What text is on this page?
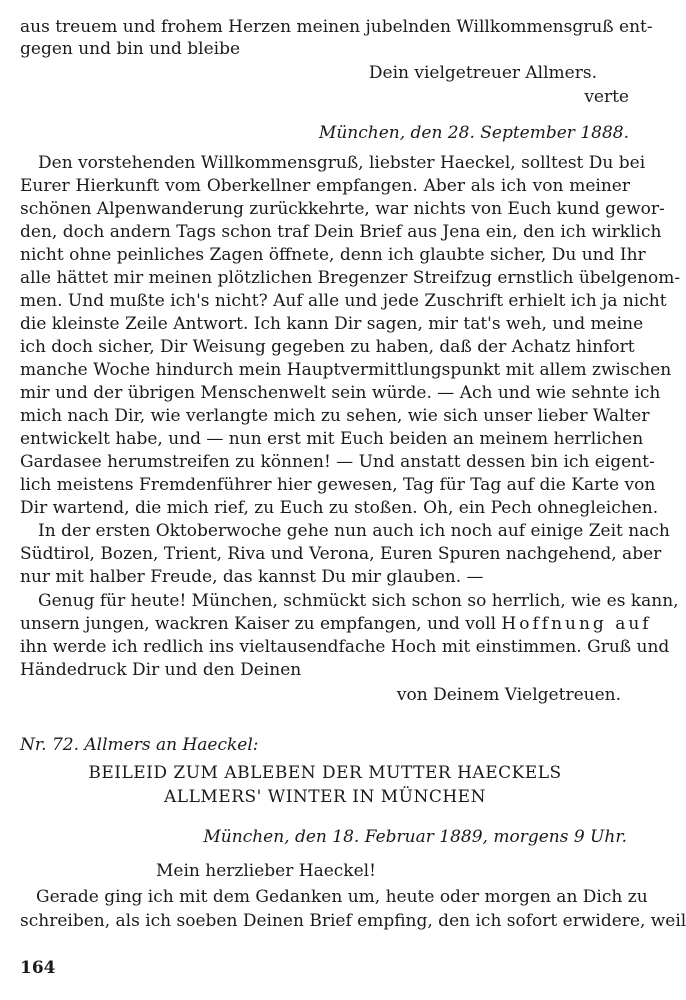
aus treuem und frohem Herzen meinen jubelnden Willkommensgruß ent-
gegen und bin und bleibe
Dein vielgetreuer Allmers.
verte
München, den 28. September 1888.
Den vorstehenden Willkommensgruß, liebster Haeckel, solltest Du bei
Eurer Hierkunft vom Oberkellner empfangen. Aber als ich von meiner
schönen Alpenwanderung zurückkehrte, war nichts von Euch kund gewor-
den, doch andern Tags schon traf Dein Brief aus Jena ein, den ich wirklich
nicht ohne peinliches Zagen öffnete, denn ich glaubte sicher, Du und Ihr
alle hättet mir meinen plötzlichen Bregenzer Streifzug ernstlich übelgenom-
men. Und mußte ich's nicht? Auf alle und jede Zuschrift erhielt ich ja nicht
die kleinste Zeile Antwort. Ich kann Dir sagen, mir tat's weh, und meine
ich doch sicher, Dir Weisung gegeben zu haben, daß der Achatz hinfort
manche Woche hindurch mein Hauptvermittlungspunkt mit allem zwischen
mir und der übrigen Menschenwelt sein würde. — Ach und wie sehnte ich
mich nach Dir, wie verlangte mich zu sehen, wie sich unser lieber Walter
entwickelt habe, und — nun erst mit Euch beiden an meinem herrlichen
Gardasee herumstreifen zu können! — Und anstatt dessen bin ich eigent-
lich meistens Fremdenführer hier gewesen, Tag für Tag auf die Karte von
Dir wartend, die mich rief, zu Euch zu stoßen. Oh, ein Pech ohnegleichen.
In der ersten Oktoberwoche gehe nun auch ich noch auf einige Zeit nach
Südtirol, Bozen, Trient, Riva und Verona, Euren Spuren nachgehend, aber
nur mit halber Freude, das kannst Du mir glauben. —
Genug für heute! München, schmückt sich schon so herrlich, wie es kann,
unsern jungen, wackren Kaiser zu empfangen, und voll Hoffnung auf
ihn werde ich redlich ins vieltausendfache Hoch mit einstimmen. Gruß und
Händedruck Dir und den Deinen
von Deinem Vielgetreuen.
Nr. 72. Allmers an Haeckel:
BEILEID ZUM ABLEBEN DER MUTTER HAECKELS
ALLMERS' WINTER IN MÜNCHEN
München, den 18. Februar 1889, morgens 9 Uhr.
Mein herzlieber Haeckel!
Gerade ging ich mit dem Gedanken um, heute oder morgen an Dich zu
schreiben, als ich soeben Deinen Brief empfing, den ich sofort erwidere, weil
164
